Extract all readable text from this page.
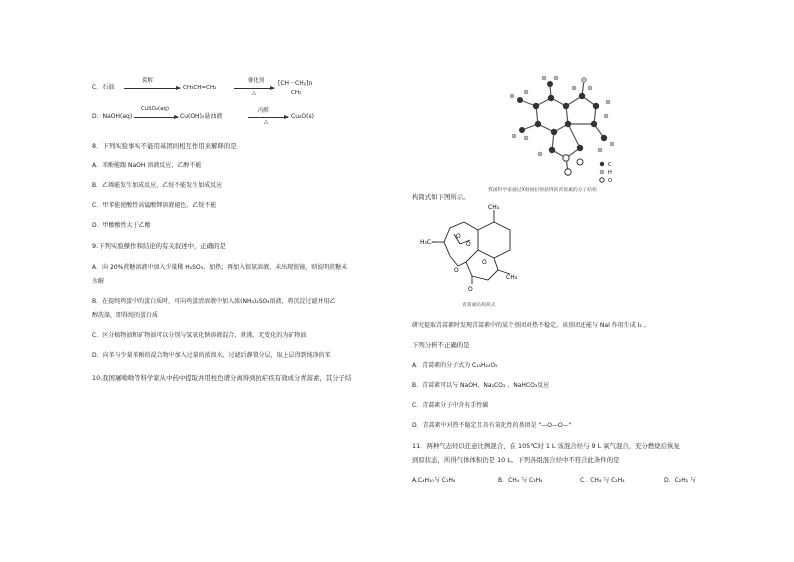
C．石油
裂解
→ CH₃CH=CH₂
催化剂
△
[CH－CH₂]n
CH₃
D．NaOH(aq)
CuSO₄(aq)
→ Cu(OH)₂悬浊液
丙醛
△
Cu₂O(s)
8．下列实验事实不能用基团间相互作用来解释的是
A．苯酚能跟 NaOH 溶液反应，乙醇不能
B．乙烯能发生加成反应，乙烷不能发生加成反应
C．甲苯能使酸性高锰酸钾溶液褪色，乙烷不能
D．甲酸酸性大于乙酸
9.下列实验操作和结论的有关叙述中，正确的是
A．向 20%蔗糖溶液中加入少量稀 H₂SO₄，加热；再加入银氨溶液，未出现银镜，则说明蔗糖未
水解
B．在提纯鸡蛋中的蛋白质时，可向鸡蛋清溶液中加入浓(NH₄)₂SO₄溶液，将沉淀过滤并用乙
醇洗涤，即得纯的蛋白质
C．区分植物油和矿物油可以分别与氢氧化钠溶液混合，煮沸，无变化的为矿物油
D．向苯与少量苯酚的混合物中加入过量的浓溴水，过滤后静置分层，取上层得到纯净的苯
10.我国屠呦呦等科学家从中药中提取并用柱色谱分离得到抗疟疾有效成分青蒿素，其分子结
C
H
O
我国科学家通过X射线衍射获得的青蒿素的分子结构
构简式如下图所示。
CH₃
CH₃
H₃C—
O
O
O
O
O
青蒿素结构简式
研究提取青蒿素时发现青蒿素中的某个基团对热不稳定，该基团还能与 NaI 作用生成 I₂ 。
下列分析不正确的是
A．青蒿素的分子式为 C₁₅H₂₂O₅
B．青蒿素可以与 NaOH、Na₂CO₃ 、NaHCO₃反应
C．青蒿素分子中含有手性碳
D．青蒿素中对热不稳定且具有氧化性的基团是 "—O—O—"
11．两种气态烃以任意比例混合，在 105℃时 1 L 该混合烃与 9 L 氧气混合，充分燃烧后恢复
到原状态，所得气体体积仍是 10 L。下列各组混合烃中不符合此条件的是
A.C₄H₁₀与 C₃H₆	B．CH₄ 与 C₃H₄	C．CH₄ 与 C₂H₄	D．C₂H₂ 与
